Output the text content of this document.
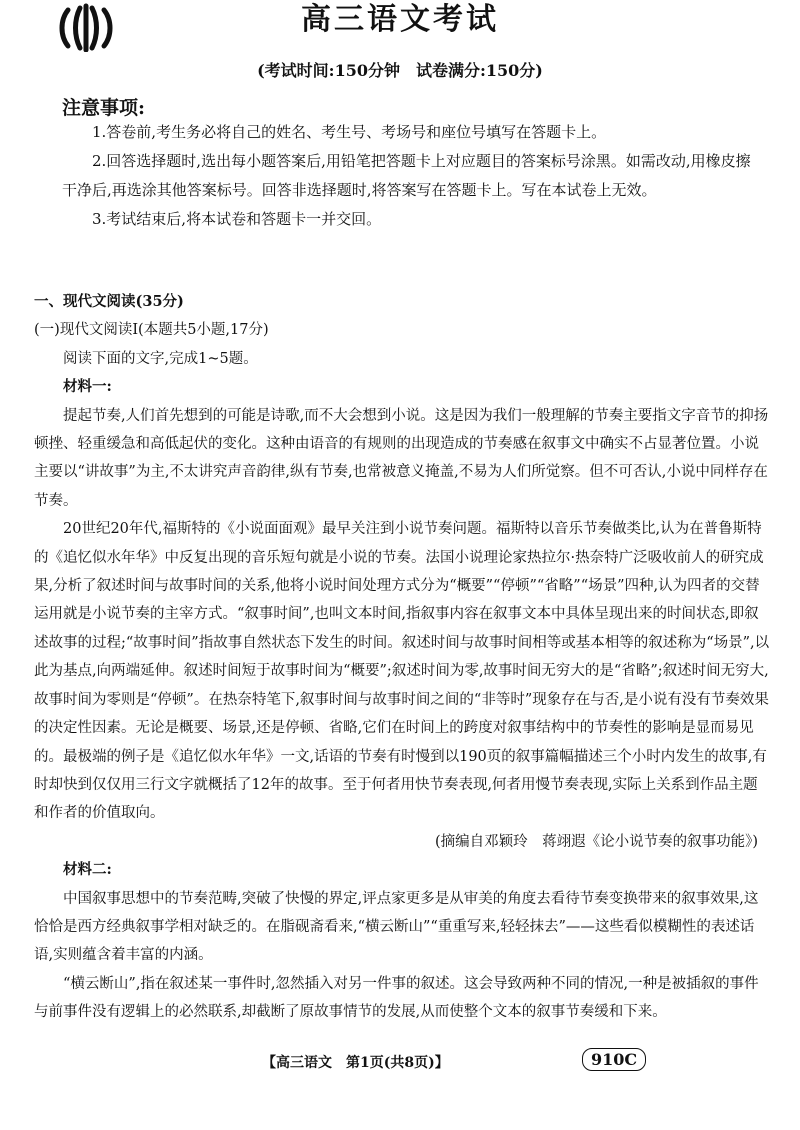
高三语文考试
(考试时间:150分钟　试卷满分:150分)
注意事项:

1.答卷前,考生务必将自己的姓名、考生号、考场号和座位号填写在答题卡上。

2.回答选择题时,选出每小题答案后,用铅笔把答题卡上对应题目的答案标号涂黑。如需改动,用橡皮擦干净后,再选涂其他答案标号。回答非选择题时,将答案写在答题卡上。写在本试卷上无效。

3.考试结束后,将本试卷和答题卡一并交回。

一、现代文阅读(35分)

(一)现代文阅读Ⅰ(本题共5小题,17分)

阅读下面的文字,完成1~5题。

材料一:

提起节奏,人们首先想到的可能是诗歌,而不大会想到小说。这是因为我们一般理解的节奏主要指文字音节的抑扬顿挫、轻重缓急和高低起伏的变化。这种由语音的有规则的出现造成的节奏感在叙事文中确实不占显著位置。小说主要以“讲故事”为主,不太讲究声音韵律,纵有节奏,也常被意义掩盖,不易为人们所觉察。但不可否认,小说中同样存在节奏。

20世纪20年代,福斯特的《小说面面观》最早关注到小说节奏问题。福斯特以音乐节奏做类比,认为在普鲁斯特的《追忆似水年华》中反复出现的音乐短句就是小说的节奏。法国小说理论家热拉尔·热奈特广泛吸收前人的研究成果,分析了叙述时间与故事时间的关系,他将小说时间处理方式分为“概要”“停顿”“省略”“场景”四种,认为四者的交替运用就是小说节奏的主宰方式。“叙事时间”,也叫文本时间,指叙事内容在叙事文本中具体呈现出来的时间状态,即叙述故事的过程;“故事时间”指故事自然状态下发生的时间。叙述时间与故事时间相等或基本相等的叙述称为“场景”,以此为基点,向两端延伸。叙述时间短于故事时间为“概要”;叙述时间为零,故事时间无穷大的是“省略”;叙述时间无穷大,故事时间为零则是“停顿”。在热奈特笔下,叙事时间与故事时间之间的“非等时”现象存在与否,是小说有没有节奏效果的决定性因素。无论是概要、场景,还是停顿、省略,它们在时间上的跨度对叙事结构中的节奏性的影响是显而易见的。最极端的例子是《追忆似水年华》一文,话语的节奏有时慢到以190页的叙事篇幅描述三个小时内发生的故事,有时却快到仅仅用三行文字就概括了12年的故事。至于何者用快节奏表现,何者用慢节奏表现,实际上关系到作品主题和作者的价值取向。

(摘编自邓颖玲　蒋翊遐《论小说节奏的叙事功能》)

材料二:

中国叙事思想中的节奏范畴,突破了快慢的界定,评点家更多是从审美的角度去看待节奏变换带来的叙事效果,这恰恰是西方经典叙事学相对缺乏的。在脂砚斋看来,“横云断山”“重重写来,轻轻抹去”——这些看似模糊性的表述话语,实则蕴含着丰富的内涵。

“横云断山”,指在叙述某一事件时,忽然插入对另一件事的叙述。这会导致两种不同的情况,一种是被插叙的事件与前事件没有逻辑上的必然联系,却截断了原故事情节的发展,从而使整个文本的叙事节奏缓和下来。

【高三语文　第1页(共8页)】	910C
